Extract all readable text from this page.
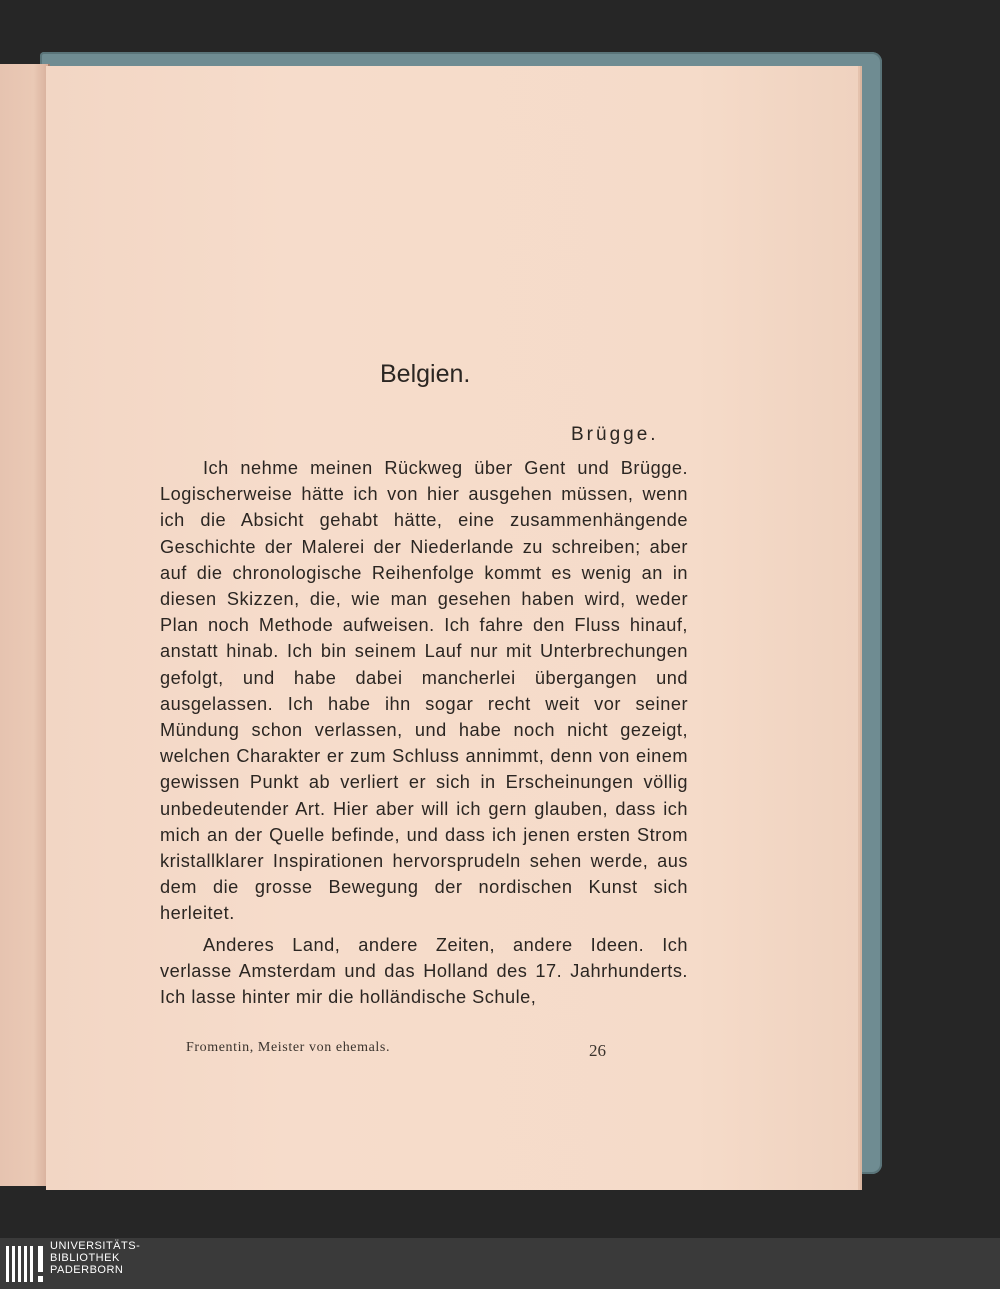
Belgien.
Brügge.

Ich nehme meinen Rückweg über Gent und Brügge. Logischerweise hätte ich von hier ausgehen müssen, wenn ich die Absicht gehabt hätte, eine zusammenhängende Geschichte der Malerei der Niederlande zu schreiben; aber auf die chronologische Reihenfolge kommt es wenig an in diesen Skizzen, die, wie man gesehen haben wird, weder Plan noch Methode aufweisen. Ich fahre den Fluss hinauf, anstatt hinab. Ich bin seinem Lauf nur mit Unterbrechungen gefolgt, und habe dabei mancherlei übergangen und ausgelassen. Ich habe ihn sogar recht weit vor seiner Mündung schon verlassen, und habe noch nicht gezeigt, welchen Charakter er zum Schluss annimmt, denn von einem gewissen Punkt ab verliert er sich in Erscheinungen völlig unbedeutender Art. Hier aber will ich gern glauben, dass ich mich an der Quelle befinde, und dass ich jenen ersten Strom kristallklarer Inspirationen hervorsprudeln sehen werde, aus dem die grosse Bewegung der nordischen Kunst sich herleitet.

Anderes Land, andere Zeiten, andere Ideen. Ich verlasse Amsterdam und das Holland des 17. Jahrhunderts. Ich lasse hinter mir die holländische Schule,

Fromentin, Meister von ehemals.	26
UNIVERSITÄTS-
BIBLIOTHEK
PADERBORN
